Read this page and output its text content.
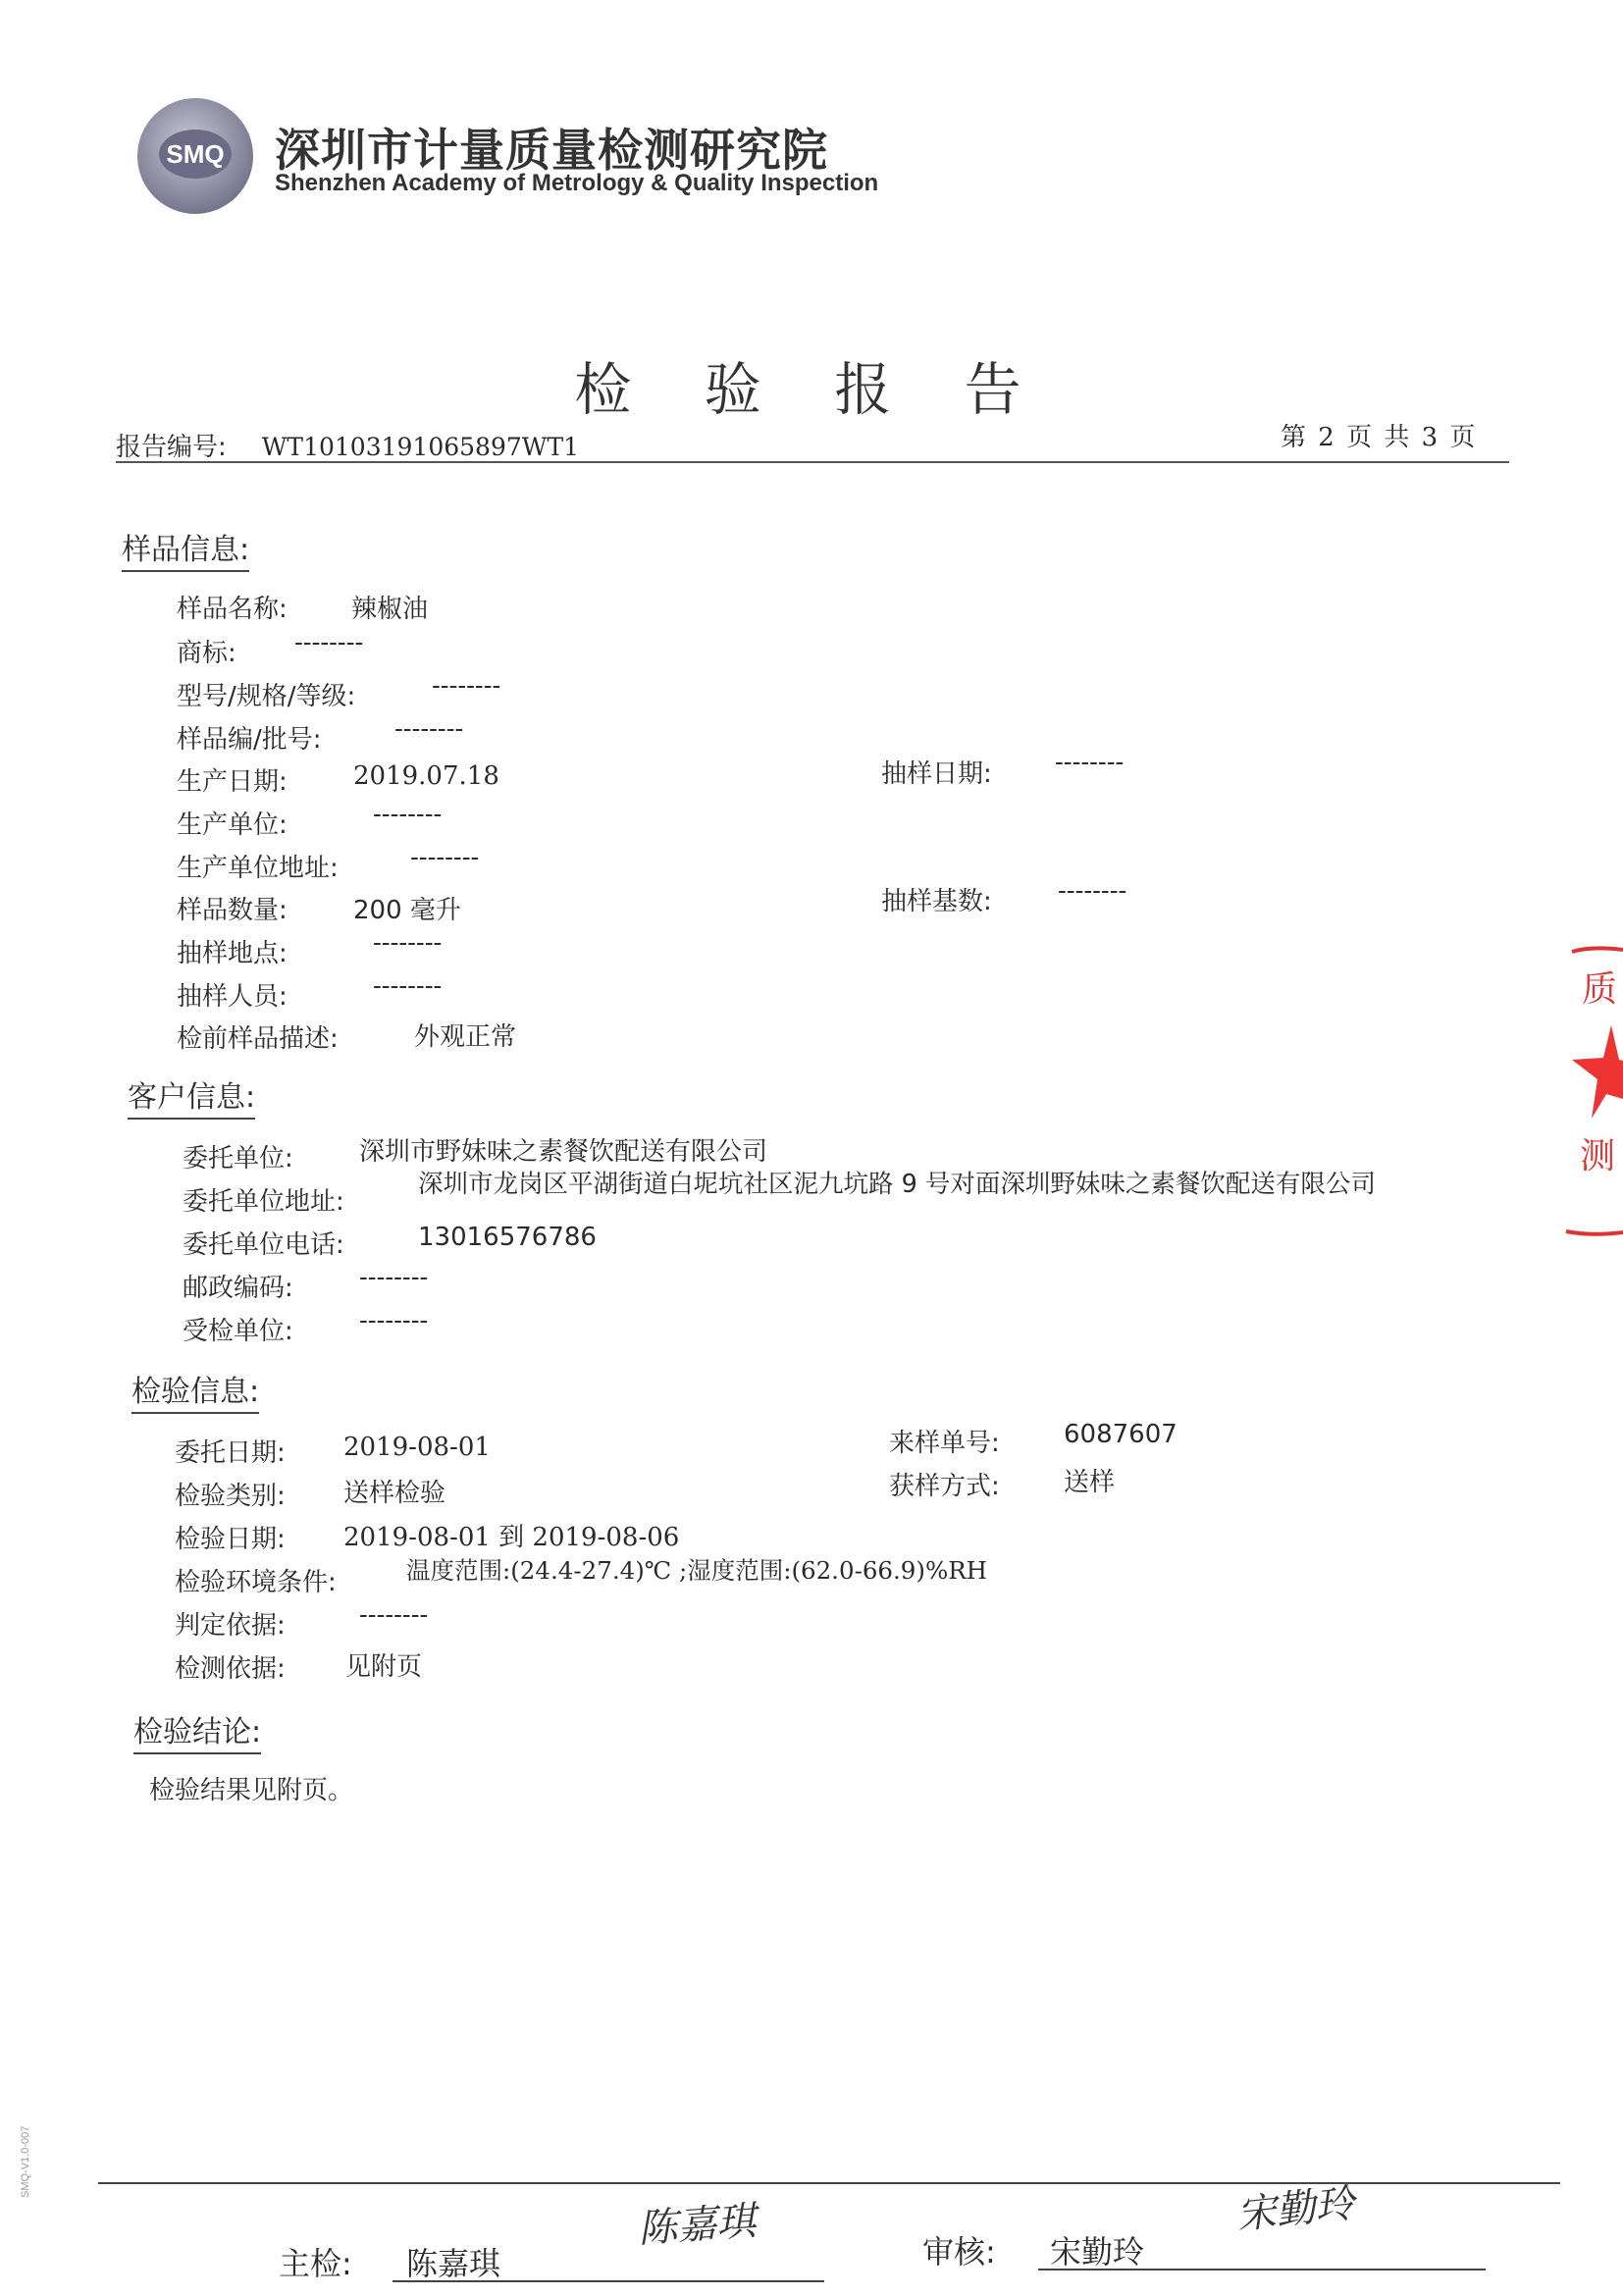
SMQ 深圳市计量质量检测研究院
Shenzhen Academy of Metrology & Quality Inspection
检 验 报 告
报告编号: WT10103191065897WT1	第 2 页 共 3 页
样品信息:
样品名称:	辣椒油
商标: --------
型号/规格/等级:	--------
样品编/批号:	--------
生产日期:	2019.07.18	抽样日期: --------
生产单位:	--------
生产单位地址:	--------
样品数量:	200 毫升	抽样基数:	--------
抽样地点:	--------
抽样人员:	--------
检前样品描述:	外观正常
客户信息:
委托单位:	深圳市野妹味之素餐饮配送有限公司
委托单位地址:
深圳市龙岗区平湖街道白坭坑社区泥九坑路 9 号对面深圳野妹味之素餐饮配送有限公司
委托单位电话:	13016576786
邮政编码:	--------
受检单位:	--------
检验信息:
委托日期: 2019-08-01	来样单号:	6087607
检验类别: 送样检验	获样方式:	送样
检验日期: 2019-08-01 到 2019-08-06
检验环境条件:	温度范围:(24.4-27.4)℃ ;湿度范围:(62.0-66.9)%RH
判定依据:	--------
检测依据: 见附页
检验结论:
检验结果见附页。
主检: 陈嘉琪
陈嘉琪	审核: 宋勤玲
宋勤玲
质
测
SMQ-V1.0-007
